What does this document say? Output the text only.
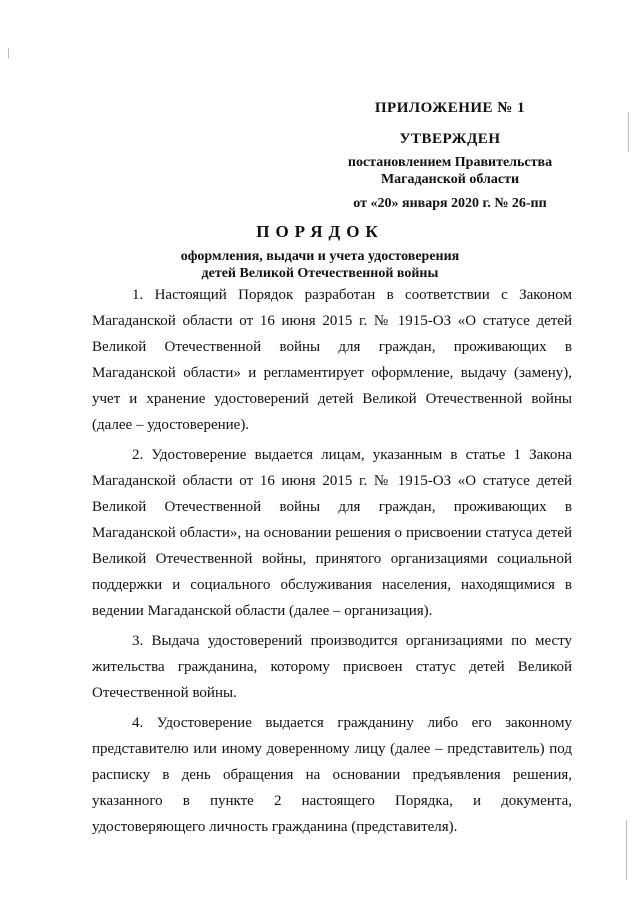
ПРИЛОЖЕНИЕ № 1
УТВЕРЖДЕН
постановлением Правительства
Магаданской области
от «20» января 2020 г. № 26-пп
ПОРЯДОК
оформления, выдачи и учета удостоверения
детей Великой Отечественной войны

1. Настоящий Порядок разработан в соответствии с Законом Магаданской области от 16 июня 2015 г. № 1915-ОЗ «О статусе детей Великой Отечественной войны для граждан, проживающих в Магаданской области» и регламентирует оформление, выдачу (замену), учет и хранение удостоверений детей Великой Отечественной войны (далее – удостоверение).

2. Удостоверение выдается лицам, указанным в статье 1 Закона Магаданской области от 16 июня 2015 г. № 1915-ОЗ «О статусе детей Великой Отечественной войны для граждан, проживающих в Магаданской области», на основании решения о присвоении статуса детей Великой Отечественной войны, принятого организациями социальной поддержки и социального обслуживания населения, находящимися в ведении Магаданской области (далее – организация).

3. Выдача удостоверений производится организациями по месту жительства гражданина, которому присвоен статус детей Великой Отечественной войны.

4. Удостоверение выдается гражданину либо его законному представителю или иному доверенному лицу (далее – представитель) под расписку в день обращения на основании предъявления решения, указанного в пункте 2 настоящего Порядка, и документа, удостоверяющего личность гражданина (представителя).
